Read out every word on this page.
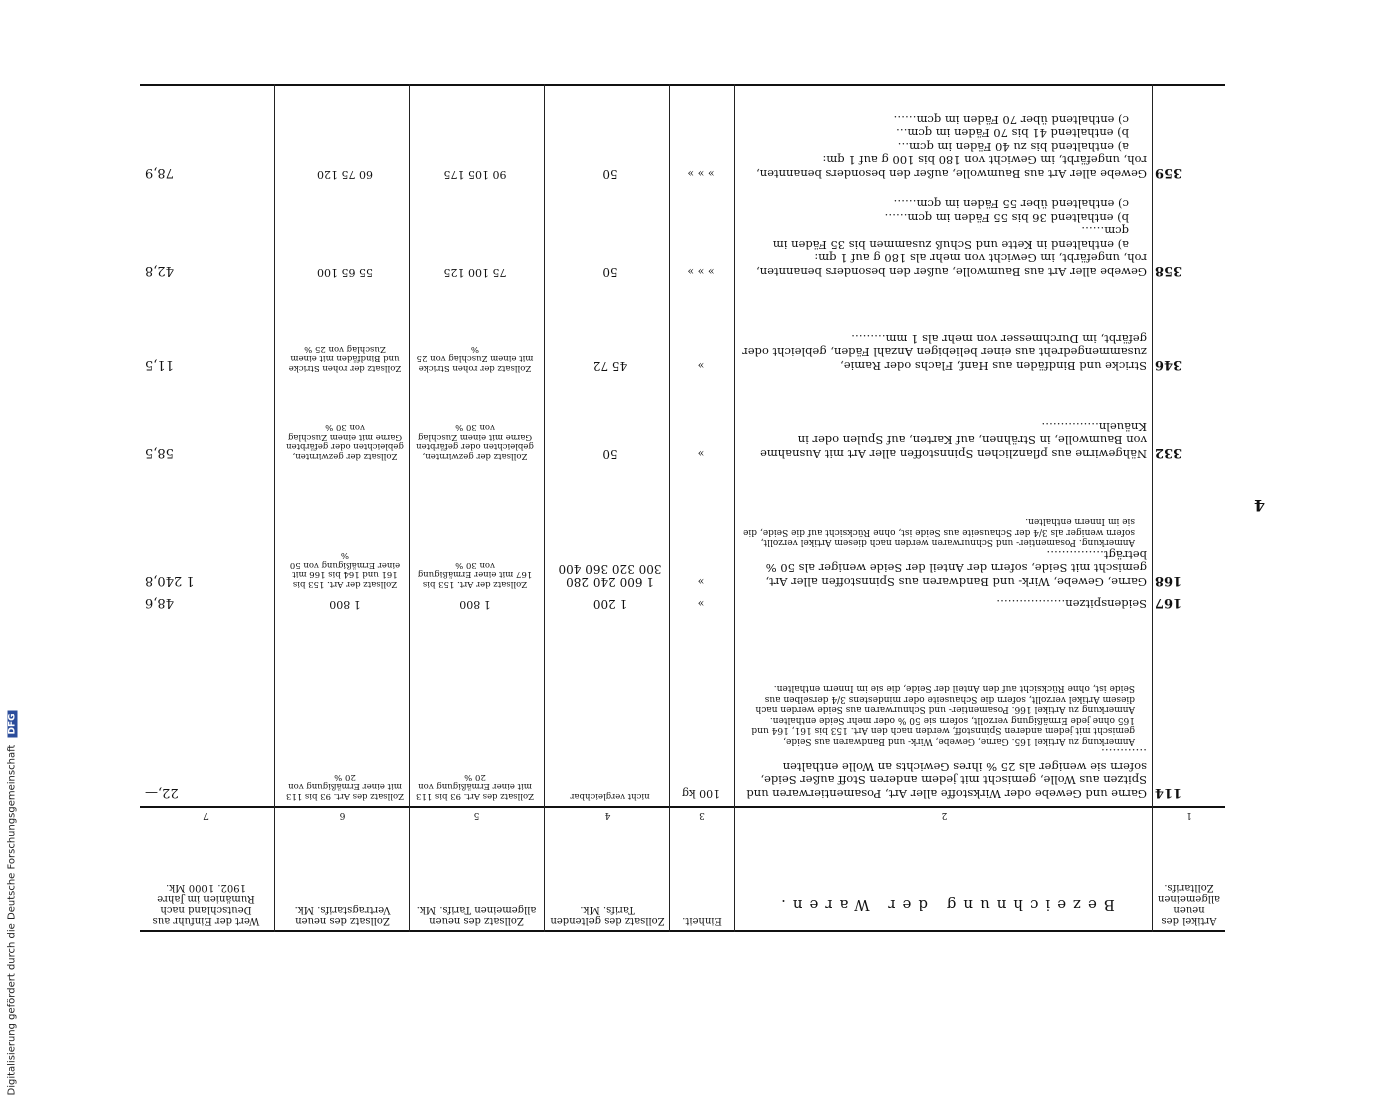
4
Artikel des neuen allgemeinen Zolltarifs.
Bezeichnung der Waren.
Einheit.
Zollsatz des geltenden Tarifs. Mk.
Zollsatz des neuen allgemeinen Tarifs. Mk.
Zollsatz des neuen Vertragstarifs. Mk.
Wert der Einfuhr aus Deutschland nach Rumänien im Jahre 1902. 1000 Mk.
1
2
3
4
5
6
7
114
Garne und Gewebe oder Wirkstoffe aller Art, Posamentierwaren und Spitzen aus Wolle, gemischt mit jedem anderen Stoff außer Seide, sofern sie weniger als 25 % ihres Gewichts an Wolle enthalten …………
Anmerkung zu Artikel 165. Garne, Gewebe, Wirk- und Bandwaren aus Seide, gemischt mit jedem anderen Spinnstoff, werden nach den Art. 153 bis 161, 164 und 165 ohne jede Ermäßigung verzollt, sofern sie 50 % oder mehr Seide enthalten. Anmerkung zu Artikel 166. Posamentier- und Schnurwaren aus Seide werden nach diesem Artikel verzollt, sofern die Schauseite oder mindestens 3/4 derselben aus Seide ist, ohne Rücksicht auf den Anteil der Seide, die sie im Innern enthalten.
100 kg
nicht vergleichbar
Zollsatz des Art. 93 bis 113 mit einer Ermäßigung von 20 %
Zollsatz des Art. 93 bis 113 mit einer Ermäßigung von 20 %
22,—
167
Seidenspitzen………………
»
1 200
1 800
1 800
48,6
168
Garne, Gewebe, Wirk- und Bandwaren aus Spinnstoffen aller Art, gemischt mit Seide, sofern der Anteil der Seide weniger als 50 % beträgt……………
Anmerkung. Posamentier- und Schnurwaren werden nach diesem Artikel verzollt, sofern weniger als 3/4 der Schauseite aus Seide ist, ohne Rücksicht auf die Seide, die sie im Innern enthalten.
»
1 600 240 280 300 320 360 400
Zollsatz der Art. 153 bis 167 mit einer Ermäßigung von 30 %
Zollsatz der Art. 153 bis 161 und 164 bis 166 mit einer Ermäßigung von 50 %
1 240,8
332
Nähgewirne aus pflanzlichen Spinnstoffen aller Art mit Ausnahme von Baumwolle, in Strähnen, auf Karten, auf Spulen oder in Knäueln……………
»
50
Zollsatz der gezwirnten, gebleichten oder gefärbten Garne mit einem Zuschlag von 30 %
Zollsatz der gezwirnten, gebleichten oder gefärbten Garne mit einem Zuschlag von 30 %
58,5
346
Stricke und Bindfäden aus Hanf, Flachs oder Ramie, zusammengedreht aus einer beliebigen Anzahl Fäden, gebleicht oder gefärbt, im Durchmesser von mehr als 1 mm………
»
45 72
Zollsatz der rohen Stricke mit einem Zuschlag von 25 %
Zollsatz der rohen Stricke und Bindfäden mit einem Zuschlag von 25 %
11,5
358
Gewebe aller Art aus Baumwolle, außer den besonders benannten, roh, ungefärbt, im Gewicht von mehr als 180 g auf 1 qm:
a) enthaltend in Kette und Schuß zusammen bis 35 Fäden im qcm……
b) enthaltend 36 bis 55 Fäden im qcm……
c) enthaltend über 55 Fäden im qcm……
» » »
50
75 100 125
55 65 100
42,8
359
Gewebe aller Art aus Baumwolle, außer den besonders benannten, roh, ungefärbt, im Gewicht von 180 bis 100 g auf 1 qm:
a) enthaltend bis zu 40 Fäden im qcm…
b) enthaltend 41 bis 70 Fäden im qcm…
c) enthaltend über 70 Fäden im qcm……
» » »
50
90 105 175
60 75 120
78,9
Digitalisierung gefördert durch die Deutsche Forschungsgemeinschaft DFG
